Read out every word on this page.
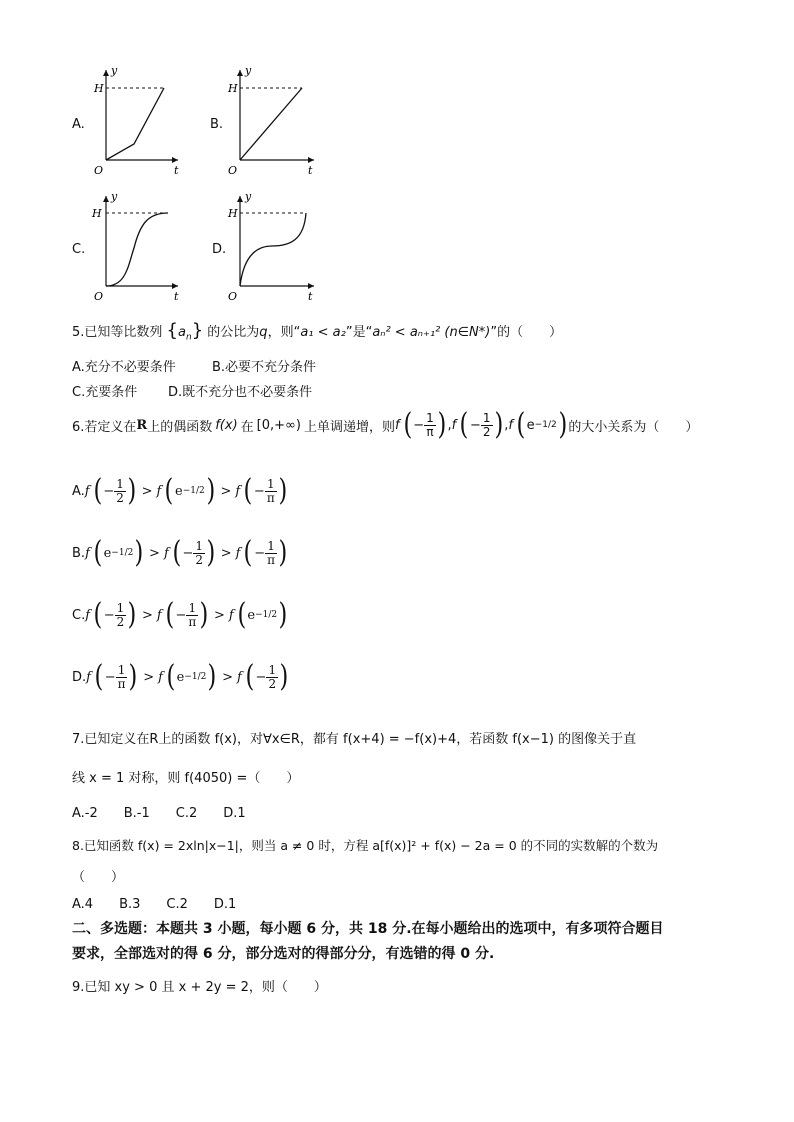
A.
H
y
O	t
B.
H
y
O	t
C.
H
y
O	t
D.
H
y
O	t
5.已知等比数列 $\{a_n\}$ 的公比为q，则“a₁ < a₂”是“aₙ² < aₙ₊₁² (n∈N*)”的（　　）
A.充分不必要条件	B.必要不充分条件
C.充要条件 D.既不充分也不必要条件
6.若定义在 R 上的偶函数 f(x) 在 [0,+∞) 上单调递增，则 f ( − $\frac{1}{\pi}$ ) , f ( − $\frac{1}{2}$ ) , f ( e −1/2 ) 的大小关系为（　　）
A. f ( − $\frac{1}{2}$ ) > f ( e −1/2 ) > f ( − $\frac{1}{\pi}$ )
B. f ( e −1/2 ) > f ( − $\frac{1}{2}$ ) > f ( − $\frac{1}{\pi}$ )
C. f ( − $\frac{1}{2}$ ) > f ( − $\frac{1}{\pi}$ ) > f ( e −1/2 )
D. f ( − $\frac{1}{\pi}$ ) > f ( e −1/2 ) > f ( − $\frac{1}{2}$ )
7.已知定义在R上的函数 f(x)，对∀x∈R，都有 f(x+4) = −f(x)+4，若函数 f(x−1) 的图像关于直
线 x = 1 对称，则 f(4050) =（　　）
A.-2　　B.-1　　C.2　　D.1
8.已知函数 f(x) = 2xln|x−1|，则当 a ≠ 0 时，方程 a[f(x)]² + f(x) − 2a = 0 的不同的实数解的个数为
（　　）
A.4　　B.3　　C.2　　D.1
二、多选题：本题共 3 小题，每小题 6 分，共 18 分.在每小题给出的选项中，有多项符合题目
要求，全部选对的得 6 分，部分选对的得部分分，有选错的得 0 分.
9.已知 xy > 0 且 x + 2y = 2，则（　　）
